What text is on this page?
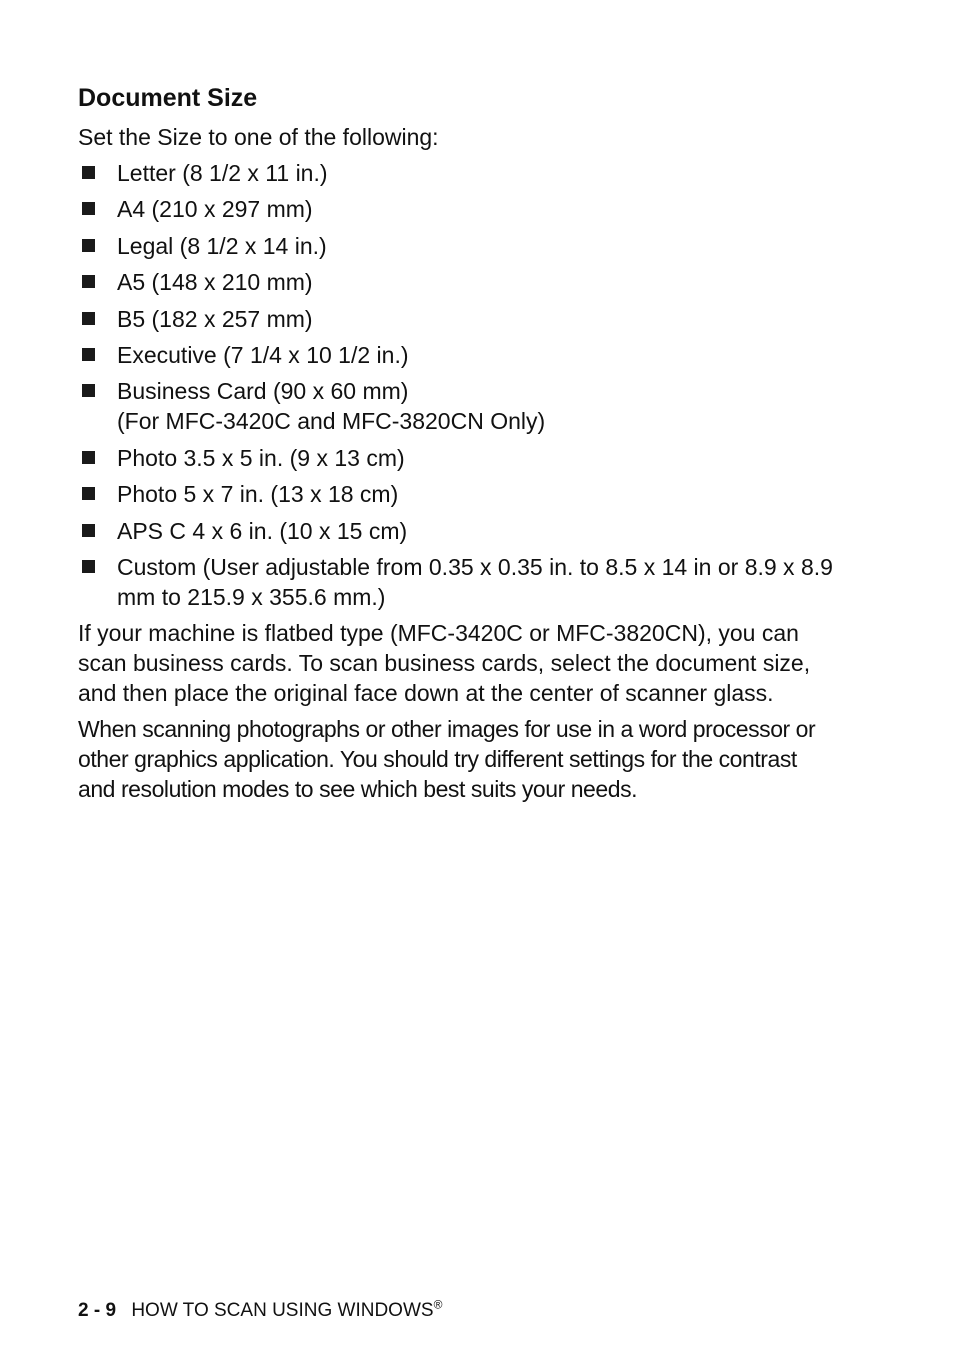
Document Size

Set the Size to one of the following:

Letter (8 1/2 x 11 in.)
A4 (210 x 297 mm)
Legal (8 1/2 x 14 in.)
A5 (148 x 210 mm)
B5 (182 x 257 mm)
Executive (7 1/4 x 10 1/2 in.)
Business Card (90 x 60 mm)
(For MFC-3420C and MFC-3820CN Only)
Photo 3.5 x 5 in. (9 x 13 cm)
Photo 5 x 7 in. (13 x 18 cm)
APS C 4 x 6 in. (10 x 15 cm)
Custom (User adjustable from 0.35 x 0.35 in. to 8.5 x 14 in or 8.9 x 8.9 mm to 215.9 x 355.6 mm.)

If your machine is flatbed type (MFC-3420C or MFC-3820CN), you can scan business cards. To scan business cards, select the document size, and then place the original face down at the center of scanner glass.

When scanning photographs or other images for use in a word processor or other graphics application. You should try different settings for the contrast and resolution modes to see which best suits your needs.

2 - 9 HOW TO SCAN USING WINDOWS®
